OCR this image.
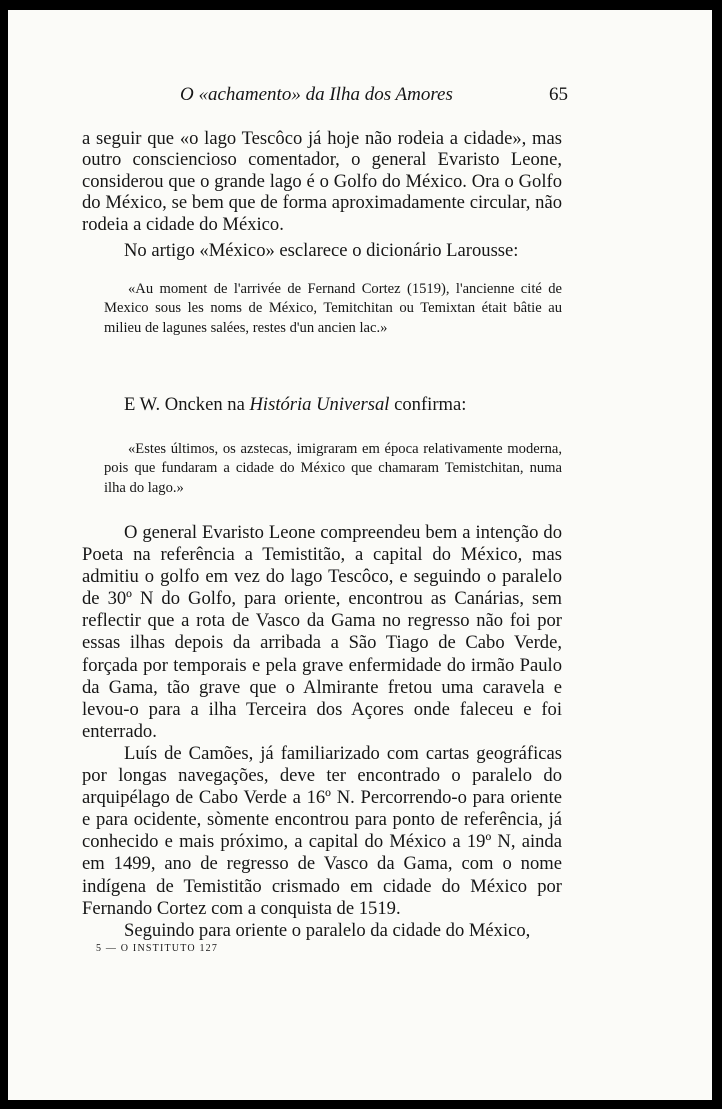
O «achamento» da Ilha dos Amores	65
a seguir que «o lago Tescôco já hoje não rodeia a cidade», mas outro consciencioso comentador, o general Evaristo Leone, considerou que o grande lago é o Golfo do México. Ora o Golfo do México, se bem que de forma aproximadamente circular, não rodeia a cidade do México.
No artigo «México» esclarece o dicionário Larousse:

«Au moment de l'arrivée de Fernand Cortez (1519), l'ancienne cité de Mexico sous les noms de México, Temitchitan ou Temixtan était bâtie au milieu de lagunes salées, restes d'un ancien lac.»

E W. Oncken na História Universal confirma:

«Estes últimos, os azstecas, imigraram em época relativamente moderna, pois que fundaram a cidade do México que chamaram Temistchitan, numa ilha do lago.»

O general Evaristo Leone compreendeu bem a intenção do Poeta na referência a Temistitão, a capital do México, mas admitiu o golfo em vez do lago Tescôco, e seguindo o paralelo de 30º N do Golfo, para oriente, encontrou as Canárias, sem reflectir que a rota de Vasco da Gama no regresso não foi por essas ilhas depois da arribada a São Tiago de Cabo Verde, forçada por temporais e pela grave enfermidade do irmão Paulo da Gama, tão grave que o Almirante fretou uma caravela e levou-o para a ilha Terceira dos Açores onde faleceu e foi enterrado.

Luís de Camões, já familiarizado com cartas geográficas por longas navegações, deve ter encontrado o paralelo do arquipélago de Cabo Verde a 16º N. Percorrendo-o para oriente e para ocidente, sòmente encontrou para ponto de referência, já conhecido e mais próximo, a capital do México a 19º N, ainda em 1499, ano de regresso de Vasco da Gama, com o nome indígena de Temistitão crismado em cidade do México por Fernando Cortez com a conquista de 1519.

Seguindo para oriente o paralelo da cidade do México,

5 — O INSTITUTO 127
